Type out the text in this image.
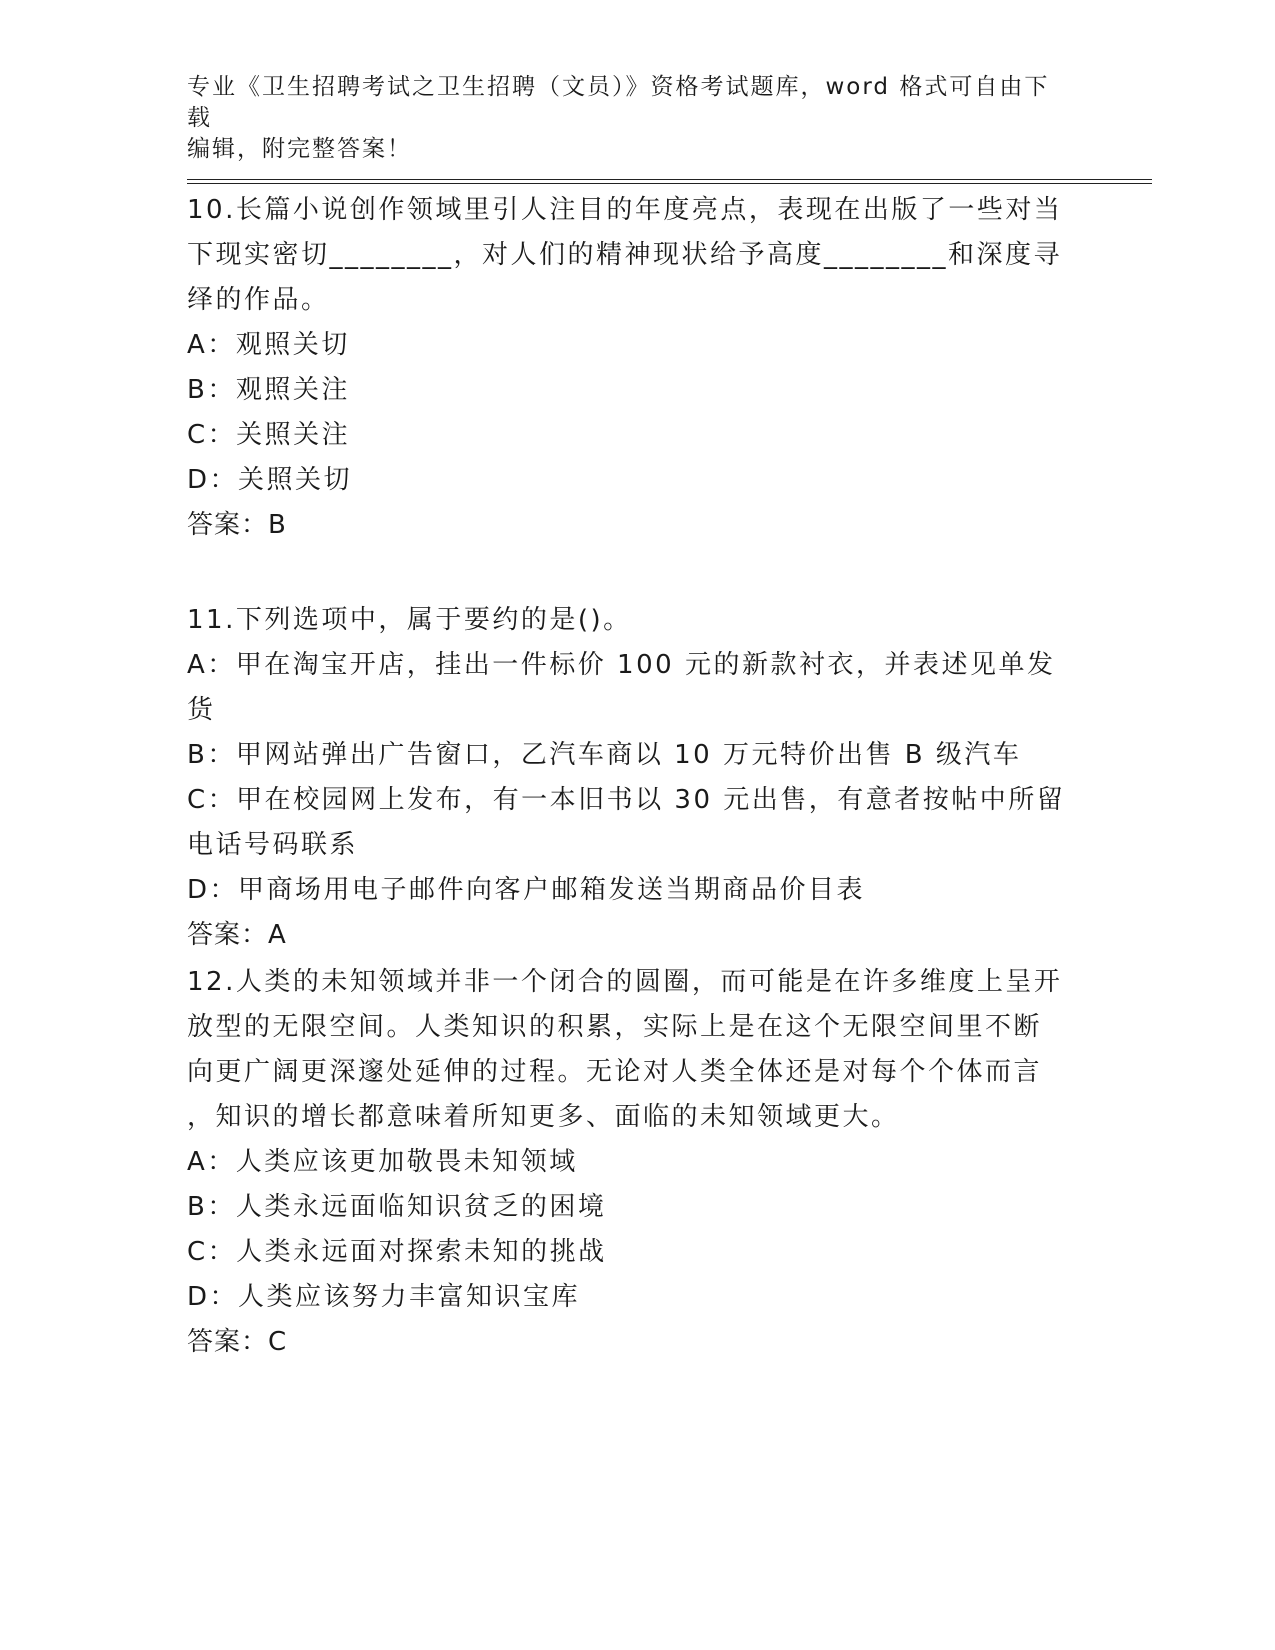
专业《卫生招聘考试之卫生招聘（文员）》资格考试题库，word 格式可自由下载
编辑，附完整答案！

10.长篇小说创作领域里引人注目的年度亮点，表现在出版了一些对当

下现实密切________，对人们的精神现状给予高度________和深度寻

绎的作品。

A：观照关切

B：观照关注

C：关照关注

D：关照关切

答案：B

11.下列选项中，属于要约的是()。

A：甲在淘宝开店，挂出一件标价 100 元的新款衬衣，并表述见单发货

B：甲网站弹出广告窗口，乙汽车商以 10 万元特价出售 B 级汽车

C：甲在校园网上发布，有一本旧书以 30 元出售，有意者按帖中所留

电话号码联系

D：甲商场用电子邮件向客户邮箱发送当期商品价目表

答案：A

12.人类的未知领域并非一个闭合的圆圈，而可能是在许多维度上呈开

放型的无限空间。人类知识的积累，实际上是在这个无限空间里不断

向更广阔更深邃处延伸的过程。无论对人类全体还是对每个个体而言

，知识的增长都意味着所知更多、面临的未知领域更大。

A：人类应该更加敬畏未知领域

B：人类永远面临知识贫乏的困境

C：人类永远面对探索未知的挑战

D：人类应该努力丰富知识宝库

答案：C
